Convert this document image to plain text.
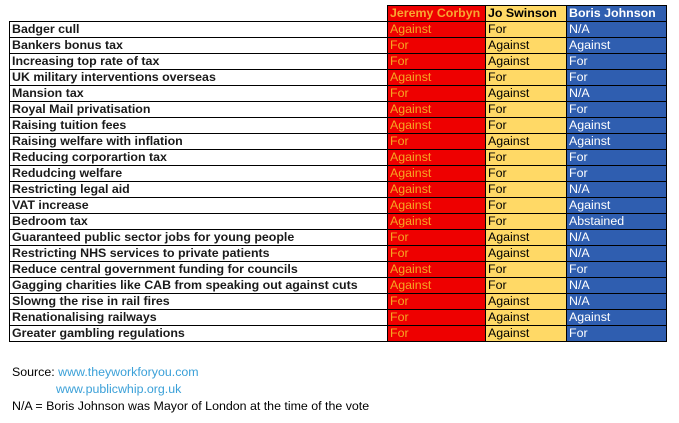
	Jeremy Corbyn	Jo Swinson	Boris Johnson
Badger cull	Against	For	N/A
Bankers bonus tax	For	Against	Against
Increasing top rate of tax	For	Against	For
UK military interventions overseas	Against	For	For
Mansion tax	For	Against	N/A
Royal Mail privatisation	Against	For	For
Raising tuition fees	Against	For	Against
Raising welfare with inflation	For	Against	Against
Reducing corporartion tax	Against	For	For
Redudcing welfare	Against	For	For
Restricting legal aid	Against	For	N/A
VAT increase	Against	For	Against
Bedroom tax	Against	For	Abstained
Guaranteed public sector jobs for young people	For	Against	N/A
Restricting NHS services to private patients	For	Against	N/A
Reduce central government funding for councils	Against	For	For
Gagging charities like CAB from speaking out against cuts	Against	For	N/A
Slowng the rise in rail fires	For	Against	N/A
Renationalising railways	For	Against	Against
Greater gambling regulations	For	Against	For
Source: www.theyworkforyou.com
www.publicwhip.org.uk
N/A = Boris Johnson was Mayor of London at the time of the vote
